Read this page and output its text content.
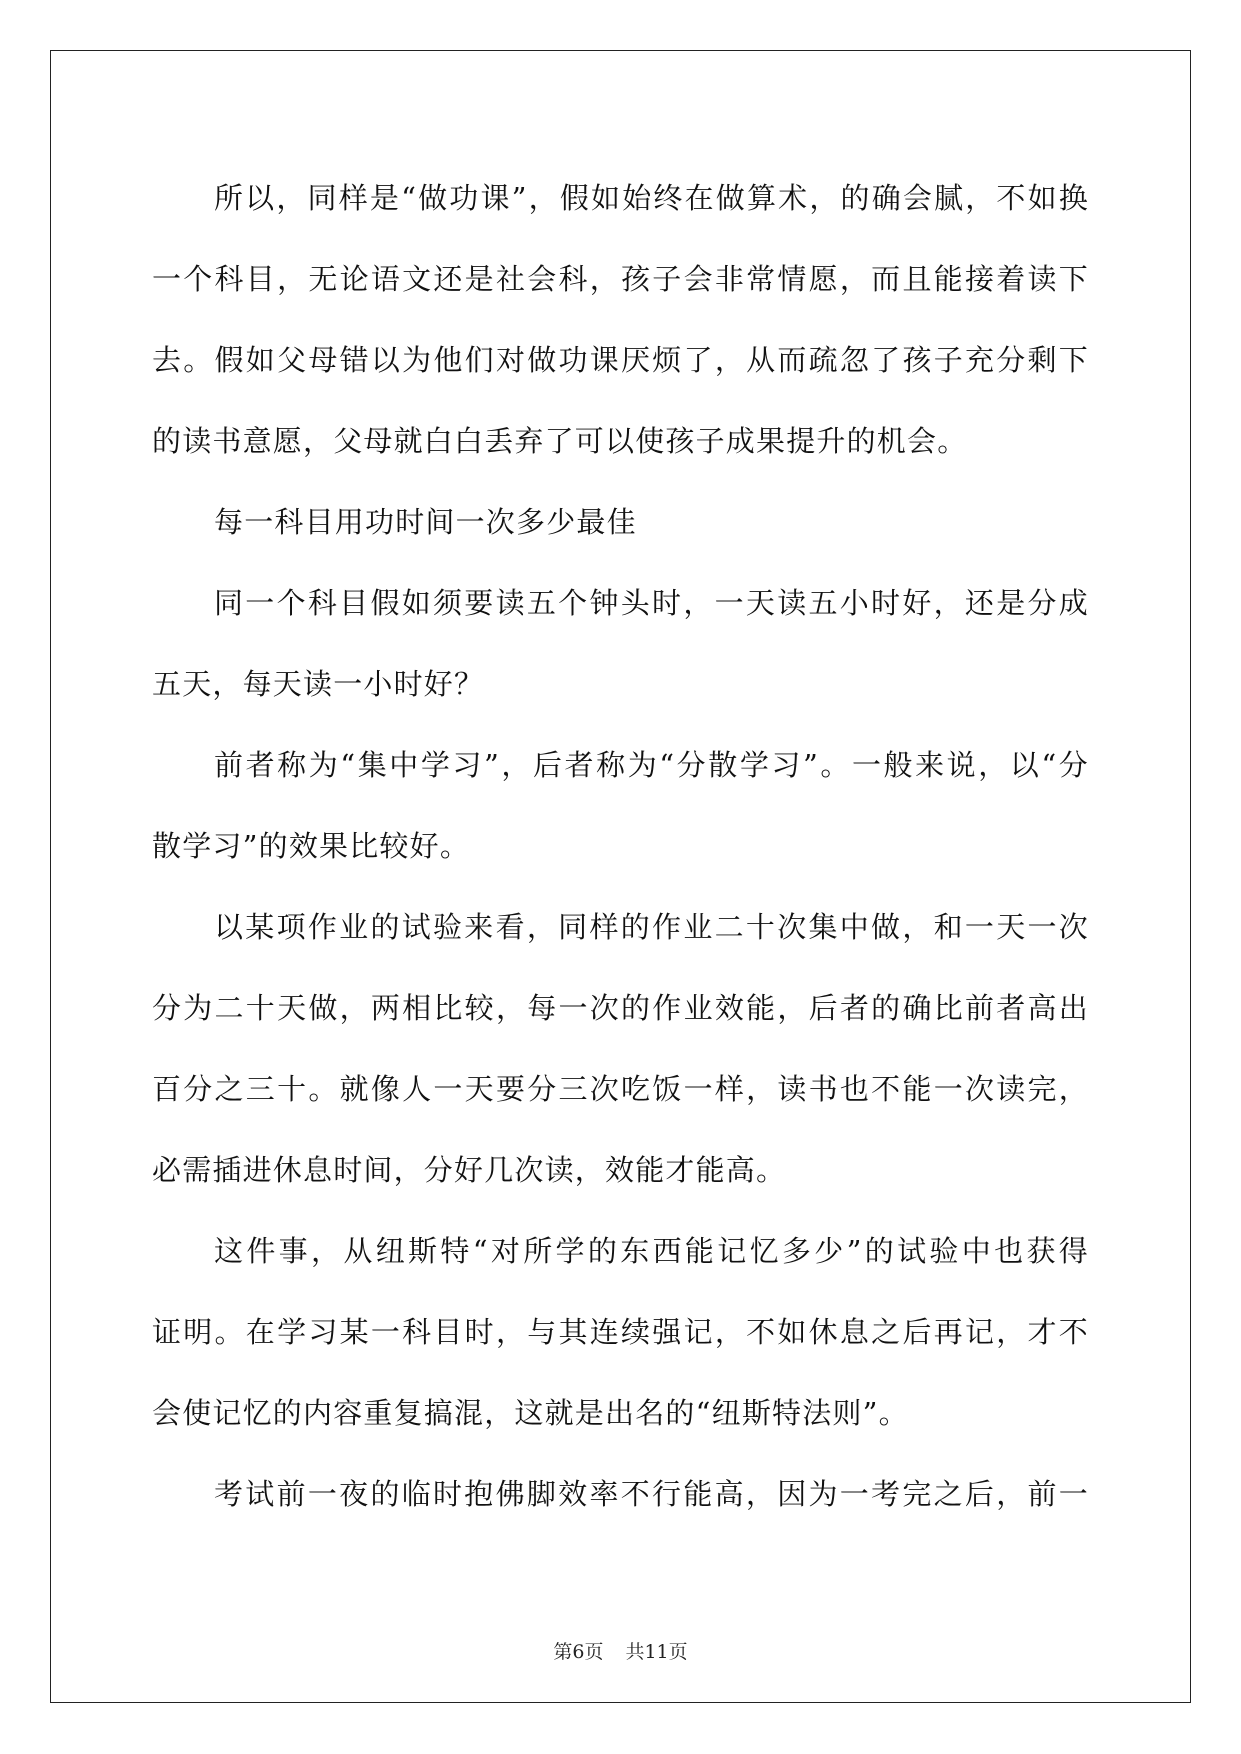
所以，同样是“做功课”，假如始终在做算术，的确会腻，不如换
一个科目，无论语文还是社会科，孩子会非常情愿，而且能接着读下
去。假如父母错以为他们对做功课厌烦了，从而疏忽了孩子充分剩下
的读书意愿，父母就白白丢弃了可以使孩子成果提升的机会。
每一科目用功时间一次多少最佳
同一个科目假如须要读五个钟头时，一天读五小时好，还是分成
五天，每天读一小时好？
前者称为“集中学习”，后者称为“分散学习”。一般来说，以“分
散学习”的效果比较好。
以某项作业的试验来看，同样的作业二十次集中做，和一天一次
分为二十天做，两相比较，每一次的作业效能，后者的确比前者高出
百分之三十。就像人一天要分三次吃饭一样，读书也不能一次读完，
必需插进休息时间，分好几次读，效能才能高。
这件事，从纽斯特“对所学的东西能记忆多少”的试验中也获得
证明。在学习某一科目时，与其连续强记，不如休息之后再记，才不
会使记忆的内容重复搞混，这就是出名的“纽斯特法则”。
考试前一夜的临时抱佛脚效率不行能高，因为一考完之后，前一
第6页 共11页
